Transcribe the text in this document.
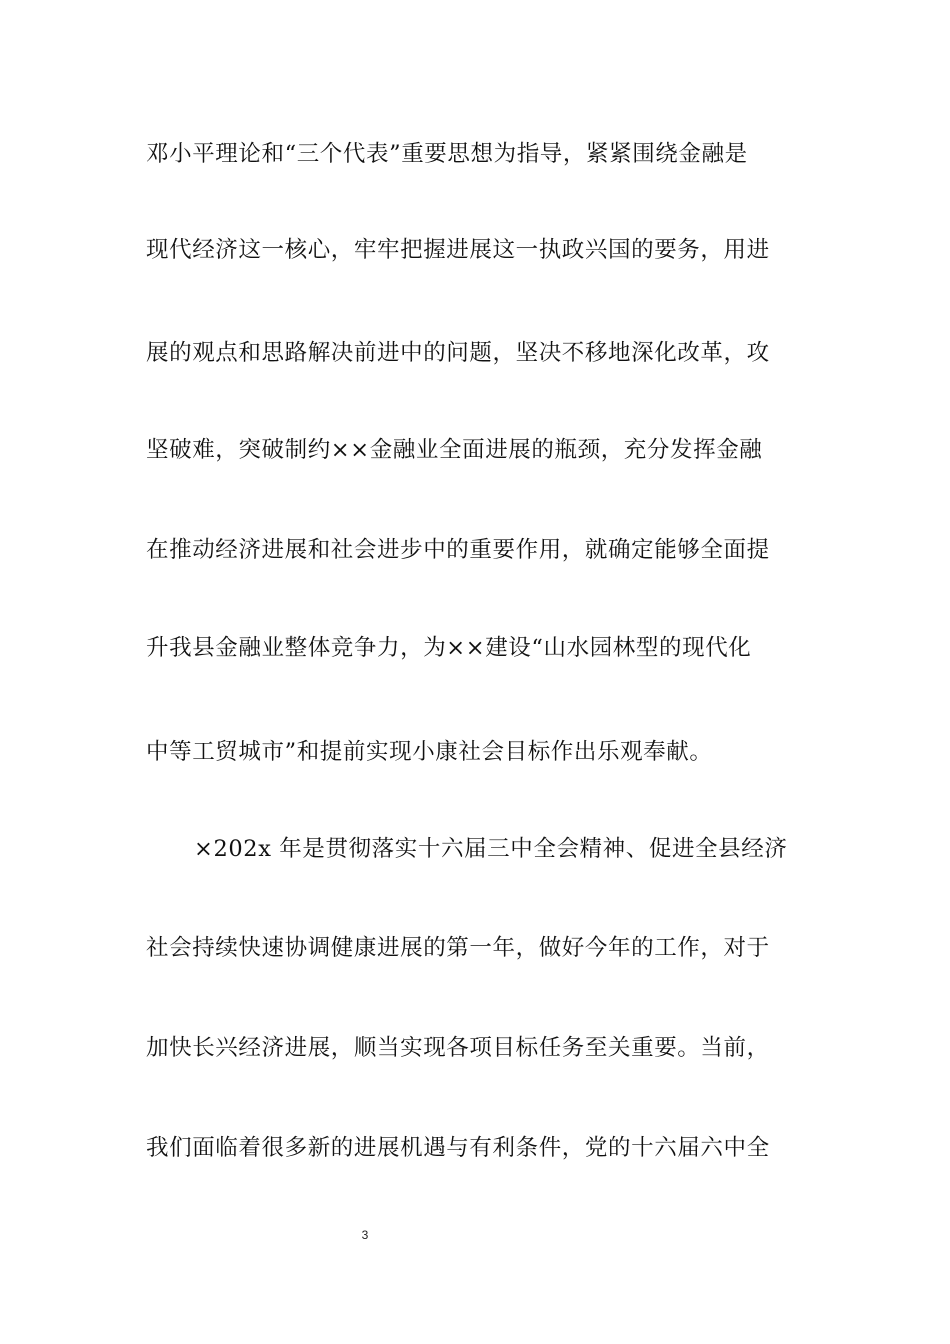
邓小平理论和“三个代表”重要思想为指导，紧紧围绕金融是
现代经济这一核心，牢牢把握进展这一执政兴国的要务，用进
展的观点和思路解决前进中的问题，坚决不移地深化改革，攻
坚破难，突破制约××金融业全面进展的瓶颈，充分发挥金融
在推动经济进展和社会进步中的重要作用，就确定能够全面提
升我县金融业整体竞争力，为××建设“山水园林型的现代化
中等工贸城市”和提前实现小康社会目标作出乐观奉献。
×202x 年是贯彻落实十六届三中全会精神、促进全县经济
社会持续快速协调健康进展的第一年，做好今年的工作，对于
加快长兴经济进展，顺当实现各项目标任务至关重要。当前，
我们面临着很多新的进展机遇与有利条件，党的十六届六中全
3
